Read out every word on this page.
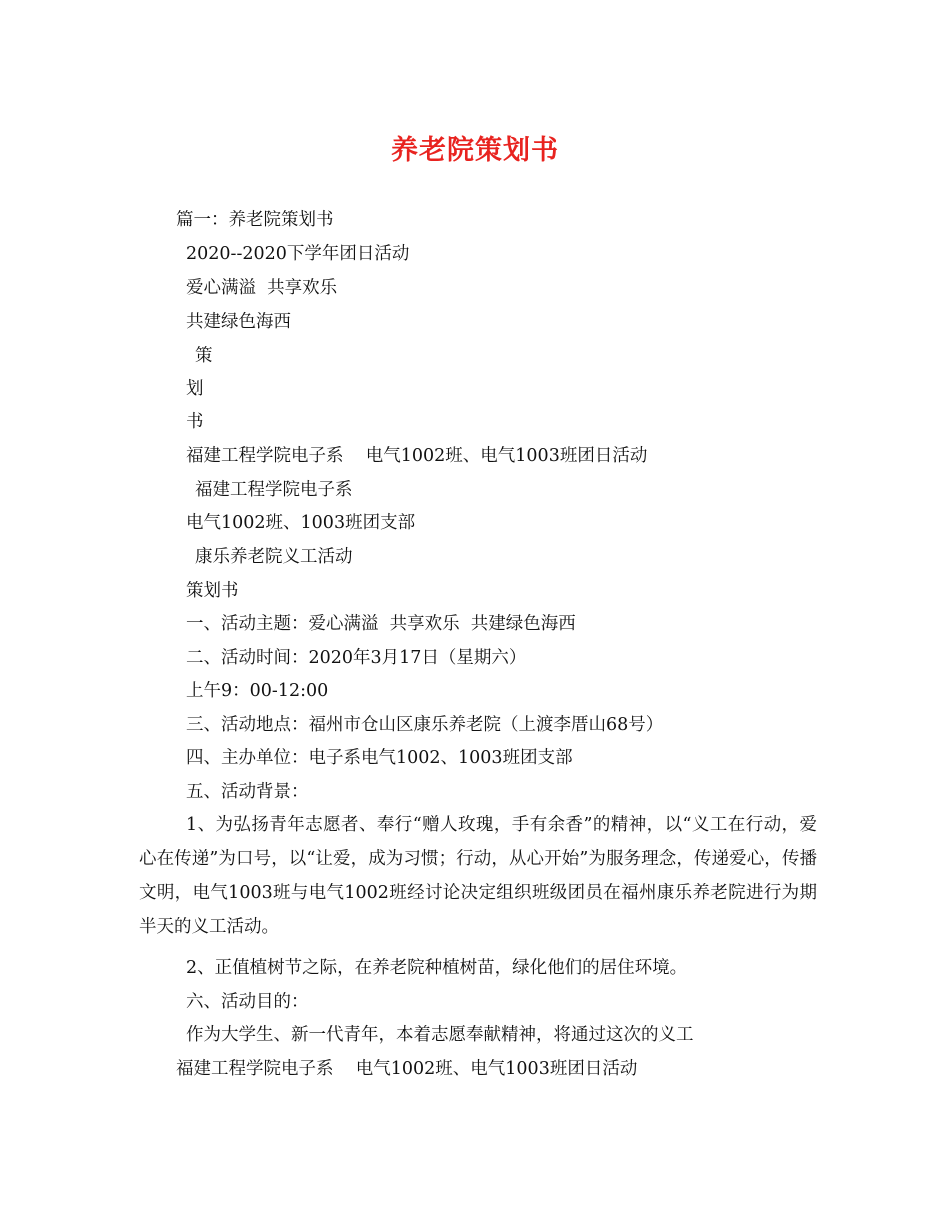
养老院策划书
篇一：养老院策划书
2020--2020下学年团日活动
爱心满溢  共享欢乐
共建绿色海西
策
划
书
福建工程学院电子系    电气1002班、电气1003班团日活动
福建工程学院电子系
电气1002班、1003班团支部
康乐养老院义工活动
策划书
一、活动主题：爱心满溢  共享欢乐  共建绿色海西
二、活动时间：2020年3月17日（星期六）
上午9：00-12:00
三、活动地点：福州市仓山区康乐养老院（上渡李厝山68号）
四、主办单位：电子系电气1002、1003班团支部
五、活动背景：
1、为弘扬青年志愿者、奉行“赠人玫瑰，手有余香”的精神，以“义工在行动，爱心在传递”为口号，以“让爱，成为习惯；行动，从心开始”为服务理念，传递爱心，传播文明，电气1003班与电气1002班经讨论决定组织班级团员在福州康乐养老院进行为期半天的义工活动。
2、正值植树节之际，在养老院种植树苗，绿化他们的居住环境。
六、活动目的：
作为大学生、新一代青年，本着志愿奉献精神，将通过这次的义工
福建工程学院电子系    电气1002班、电气1003班团日活动
